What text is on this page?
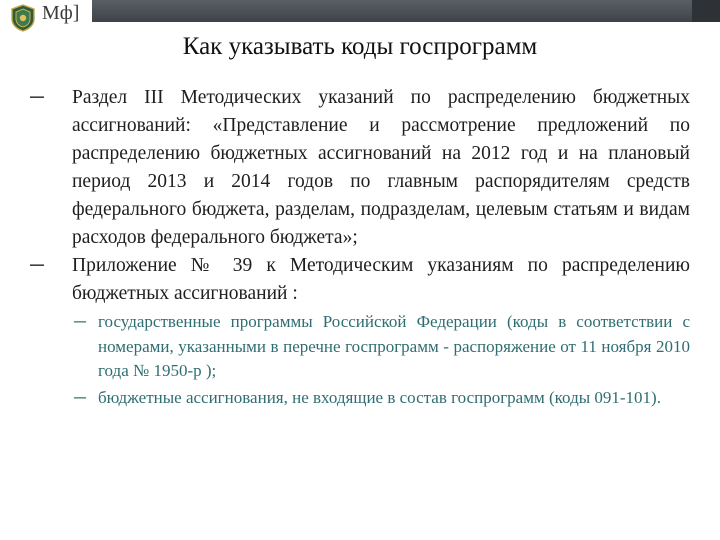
Мф]
Как указывать коды госпрограмм
─ Раздел III Методических указаний по распределению бюджетных ассигнований: «Представление и рассмотрение предложений по распределению бюджетных ассигнований на 2012 год и на плановый период 2013 и 2014 годов по главным распорядителям средств федерального бюджета, разделам, подразделам, целевым статьям и видам расходов федерального бюджета»;
─ Приложение № 39 к Методическим указаниям по распределению бюджетных ассигнований :
─ государственные программы Российской Федерации (коды в соответствии с номерами, указанными в перечне госпрограмм - распоряжение от 11 ноября 2010 года № 1950-р );
─ бюджетные ассигнования, не входящие в состав госпрограмм (коды 091-101).
